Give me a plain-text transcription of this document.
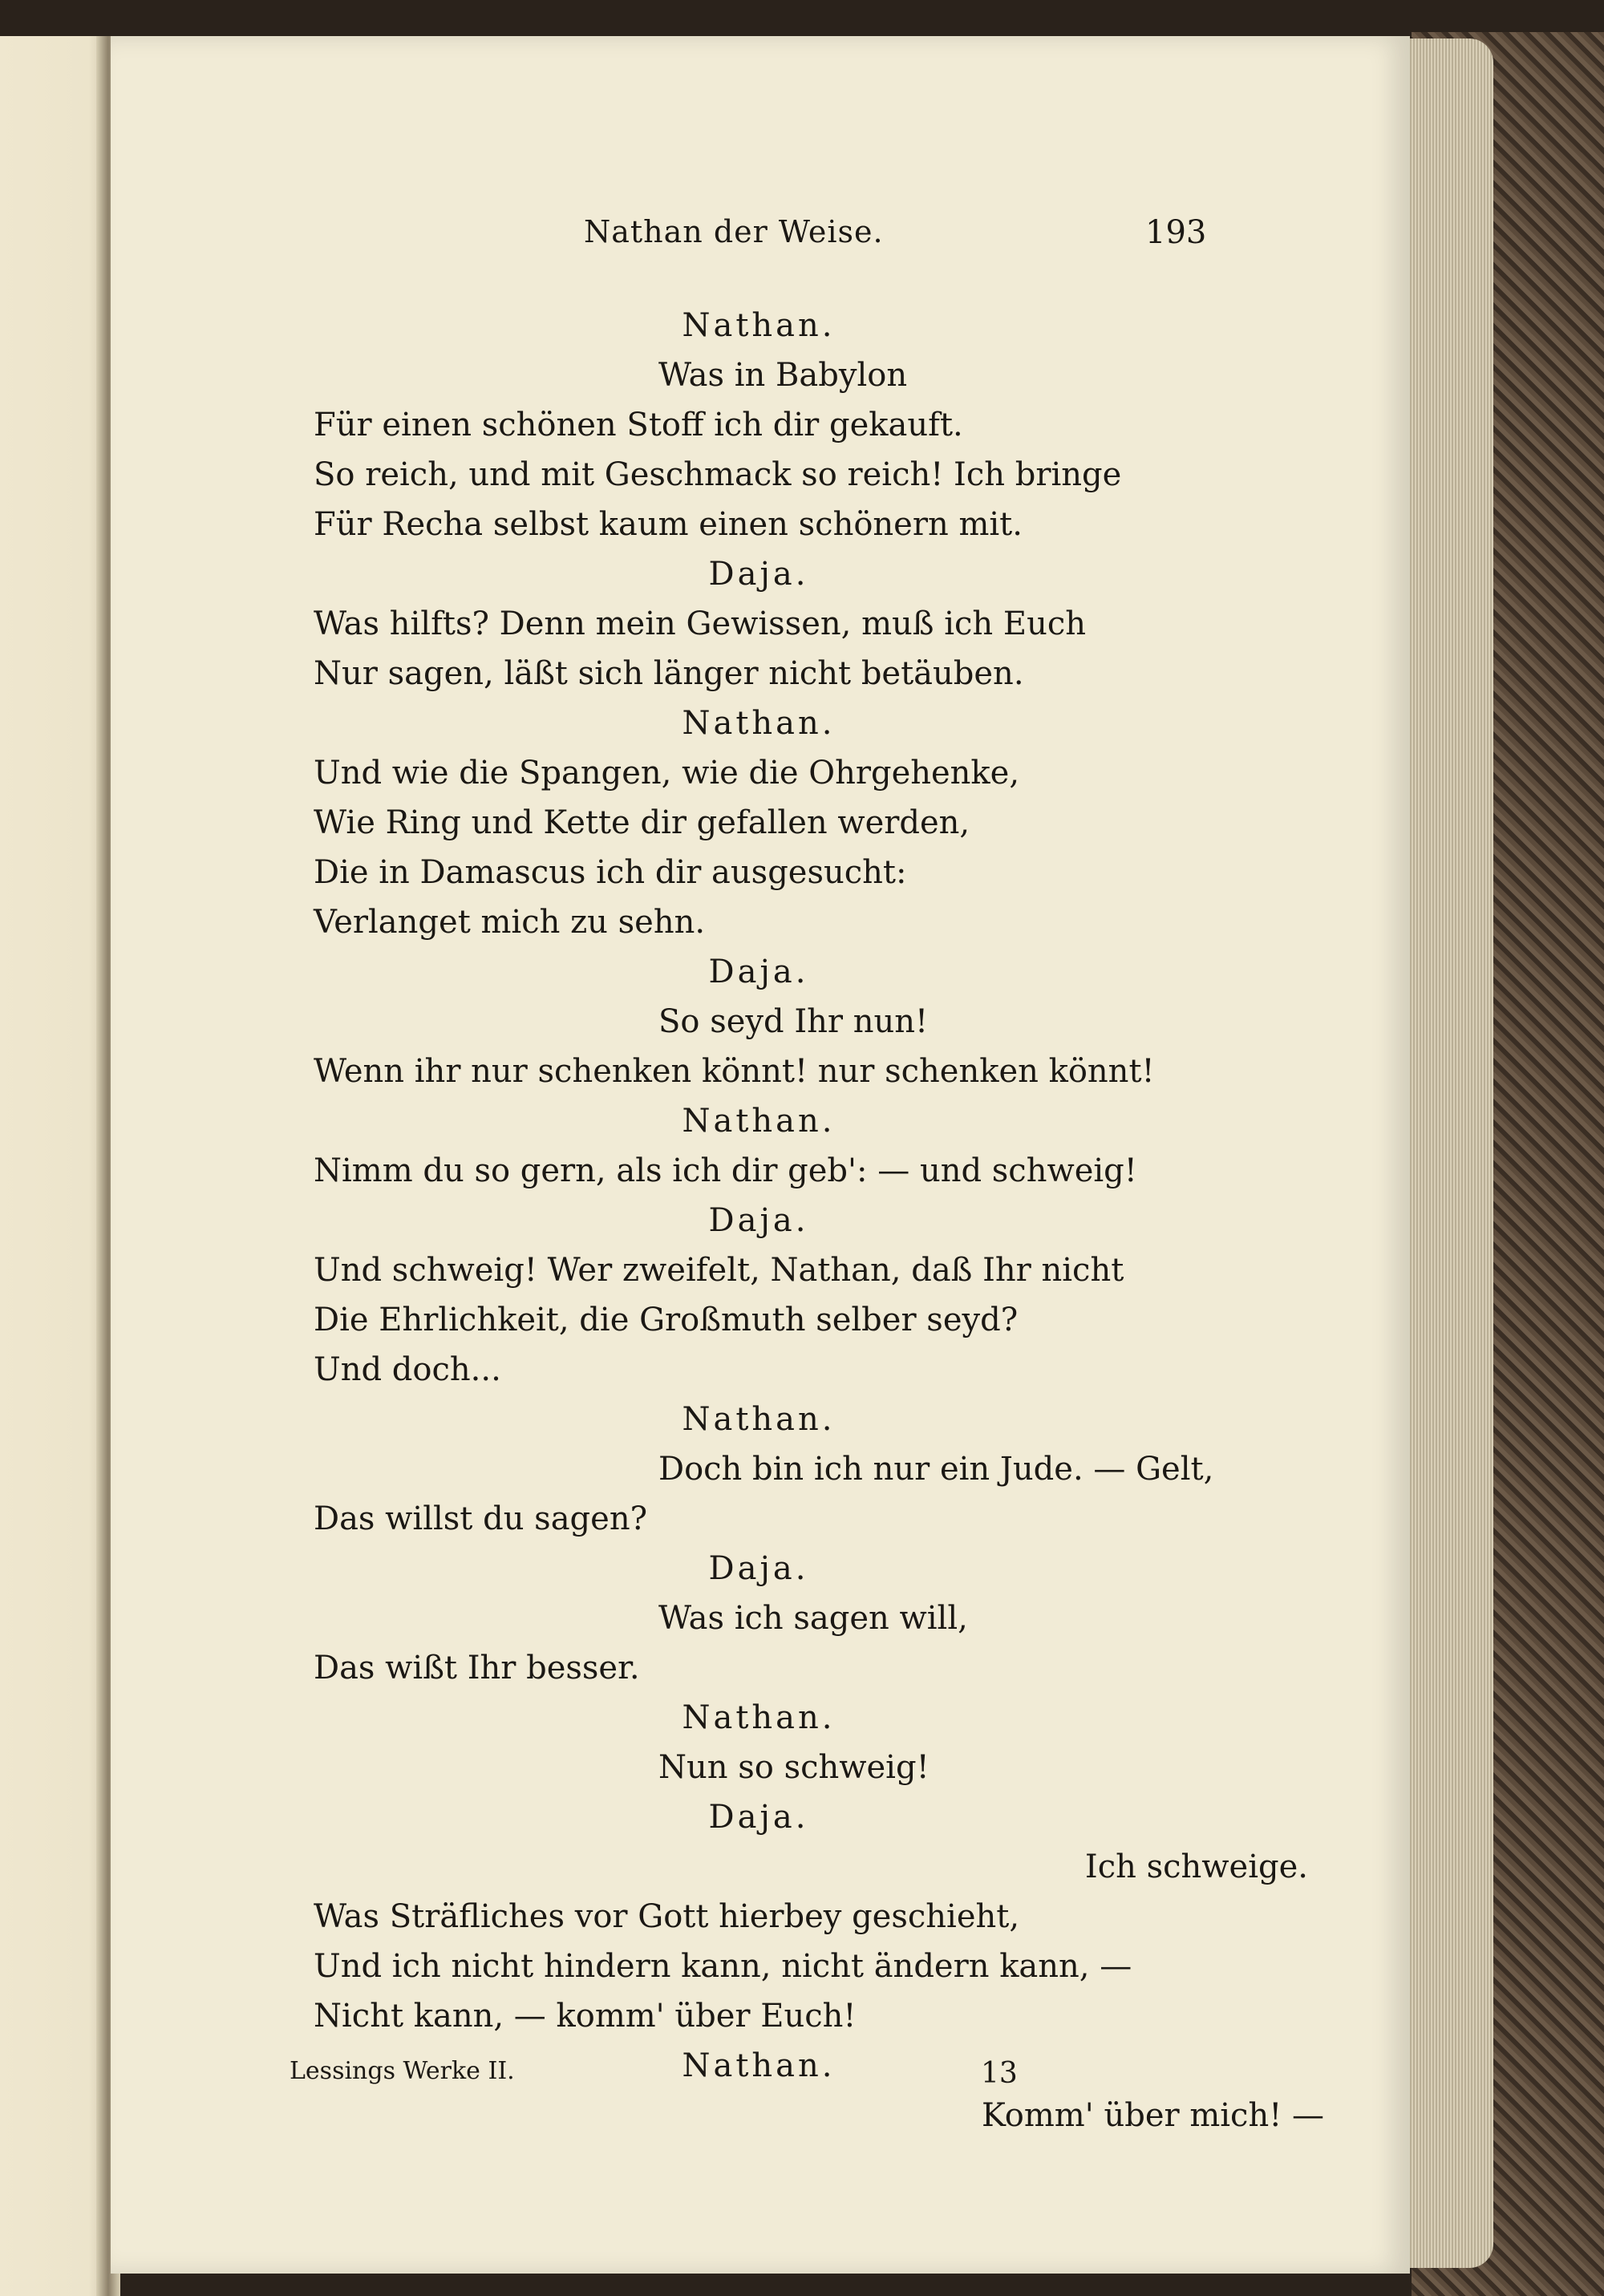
Nathan der Weise.	193
Nathan.
Was in Babylon
Für einen schönen Stoff ich dir gekauft.
So reich, und mit Geschmack so reich! Ich bringe
Für Recha selbst kaum einen schönern mit.
Daja.
Was hilfts? Denn mein Gewissen, muß ich Euch
Nur sagen, läßt sich länger nicht betäuben.
Nathan.
Und wie die Spangen, wie die Ohrgehenke,
Wie Ring und Kette dir gefallen werden,
Die in Damascus ich dir ausgesucht:
Verlanget mich zu sehn.
Daja.
So seyd Ihr nun!
Wenn ihr nur schenken könnt! nur schenken könnt!
Nathan.
Nimm du so gern, als ich dir geb': — und schweig!
Daja.
Und schweig! Wer zweifelt, Nathan, daß Ihr nicht
Die Ehrlichkeit, die Großmuth selber seyd?
Und doch...
Nathan.
Doch bin ich nur ein Jude. — Gelt,
Das willst du sagen?
Daja.
Was ich sagen will,
Das wißt Ihr besser.
Nathan.
Nun so schweig!
Daja.
Ich schweige.
Was Sträfliches vor Gott hierbey geschieht,
Und ich nicht hindern kann, nicht ändern kann, —
Nicht kann, — komm' über Euch!
Nathan.
Komm' über mich! —
Lessings Werke II.	13
